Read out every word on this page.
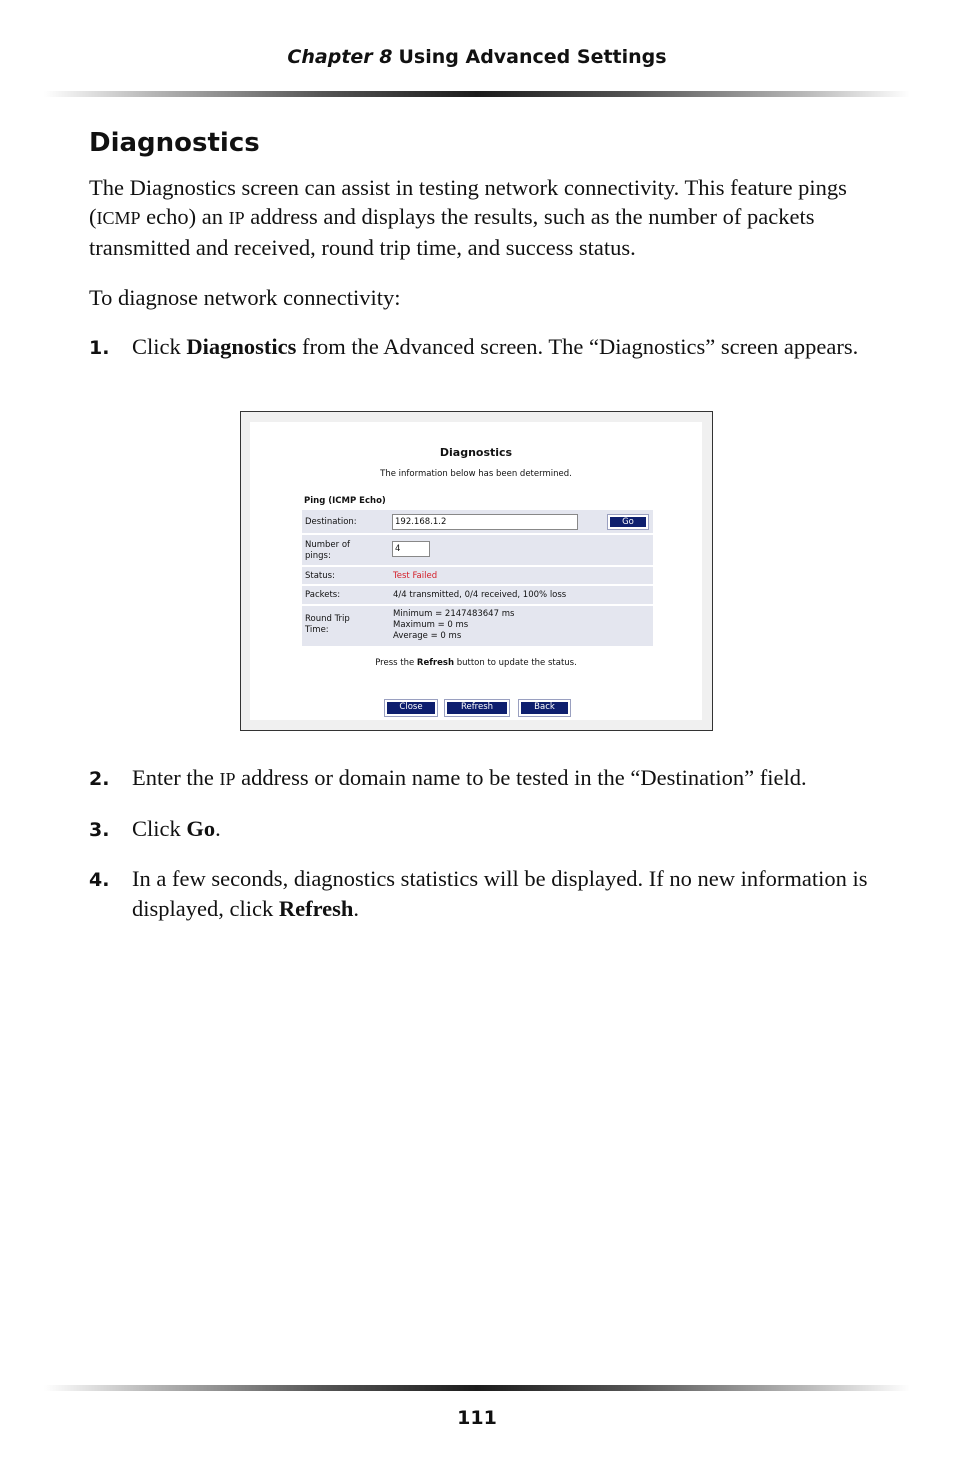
Chapter 8 Using Advanced Settings
Diagnostics
The Diagnostics screen can assist in testing network connectivity. This feature pings (ICMP echo) an IP address and displays the results, such as the number of packets transmitted and received, round trip time, and success status.
To diagnose network connectivity:
1. Click Diagnostics from the Advanced screen. The “Diagnostics” screen appears.
Diagnostics
The information below has been determined.
Ping (ICMP Echo)
Destination:	192.168.1.2	Go
Number of
pings:
4
Status:	Test Failed
Packets:	4/4 transmitted, 0/4 received, 100% loss
Round Trip
Time:
Minimum = 2147483647 ms
Maximum = 0 ms
Average = 0 ms
Press the Refresh button to update the status.
Close	Refresh	Back
2. Enter the IP address or domain name to be tested in the “Destination” field.
3. Click Go.
4. In a few seconds, diagnostics statistics will be displayed. If no new information is displayed, click Refresh.
111
